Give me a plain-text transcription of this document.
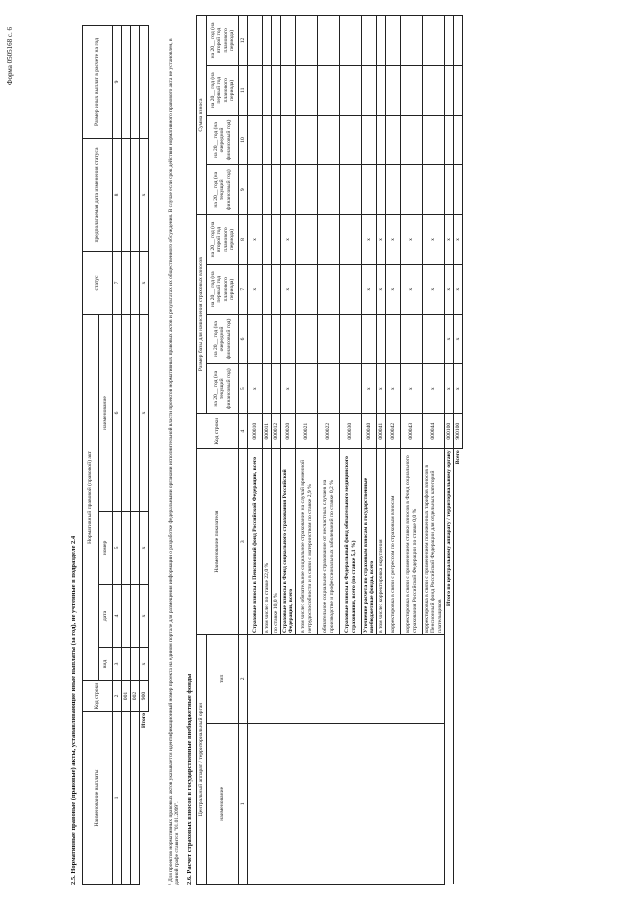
Форма 0505168 с. 6
2.5. Нормативные правовые (правовые) акты, устанавливающие иные выплаты (за год), не учтенные в подразделе 2.4	Наименование выплаты	Код строки	Нормативный правовой (правовой) акт				статус	предполагаемая дата изменения статуса	Размер иных выплат в расчете на год
		вид	дата	номер	наименование			
1	2	3	4	5	6	7	8	9
	001							
	002							
Итого	900	х	х	х	х	х	х		¹ Для проектов нормативных правовых актов указывается идентификационный номер проекта на едином портале для размещения информации о разработке федеральными органами исполнительной власти проектов нормативных правовых актов и результатах их общественного обсуждения. В случае если срок действия нормативного правового акта не установлен, в данной графе ставится "01.01.2099". 2.6. Расчет страховых взносов в государственные внебюджетные фонды Центральный аппарат / территориальный орган		Наименование показателя	Код строки	Размер базы для начисления страховых взносов				Сумма взноса			
наименование	тип			на 20__ год (на текущий финансовый год)	на 20__ год (на очередной финансовый год)	на 20__ год (на первый год планового периода)	на 20__ год (на второй год планового периода)	на 20__ год (на текущий финансовый год)	на 20__ год (на очередной финансовый год)	на 20__ год (на первый год планового периода)	на 20__ год (на второй год планового периода)

1	2	3	4	5	6	7	8	9	10	11	12
		Страховые взносы в Пенсионный фонд Российской Федерации, всего	000010	х		х	х				
		в том числе: по ставке 22,0 %	000011								
		по ставке 10,0 %	000012								
		Страховые взносы в Фонд социального страхования Российской Федерации, всего	000020	х		х	х				
		в том числе: обязательное социальное страхование на случай временной нетрудоспособности и в связи с материнством по ставке 2,9 %	000021								
		обязательное социальное страхование от несчастных случаев на производстве и профессиональных заболеваний по ставке 0,2 %	000022								
		Страховые взносы в Федеральный фонд обязательного медицинского страхования, всего (по ставке 5,1 %)	000030								
		Уточнение расчета по страховым взносам в государственные внебюджетные фонды, всего	000040	х		х	х				
		в том числе: корректировка округления	000041	х		х	х				
		корректировка в связи с регрессом по страховым взносам	000042	х		х	х				
		корректировка в связи с применением ставки взносов в Фонд социального страхования Российской Федерации по ставке 0,0 %	000043	х		х	х				
		корректировка в связи с применением пониженных тарифов взносов в Пенсионный фонд Российской Федерации для отдельных категорий плательщиков	000044	х		х	х				
Итого по центральному аппарату / территориальному органу			000100	х	х	х	х				
Всего			900100	х	х	х	х				
